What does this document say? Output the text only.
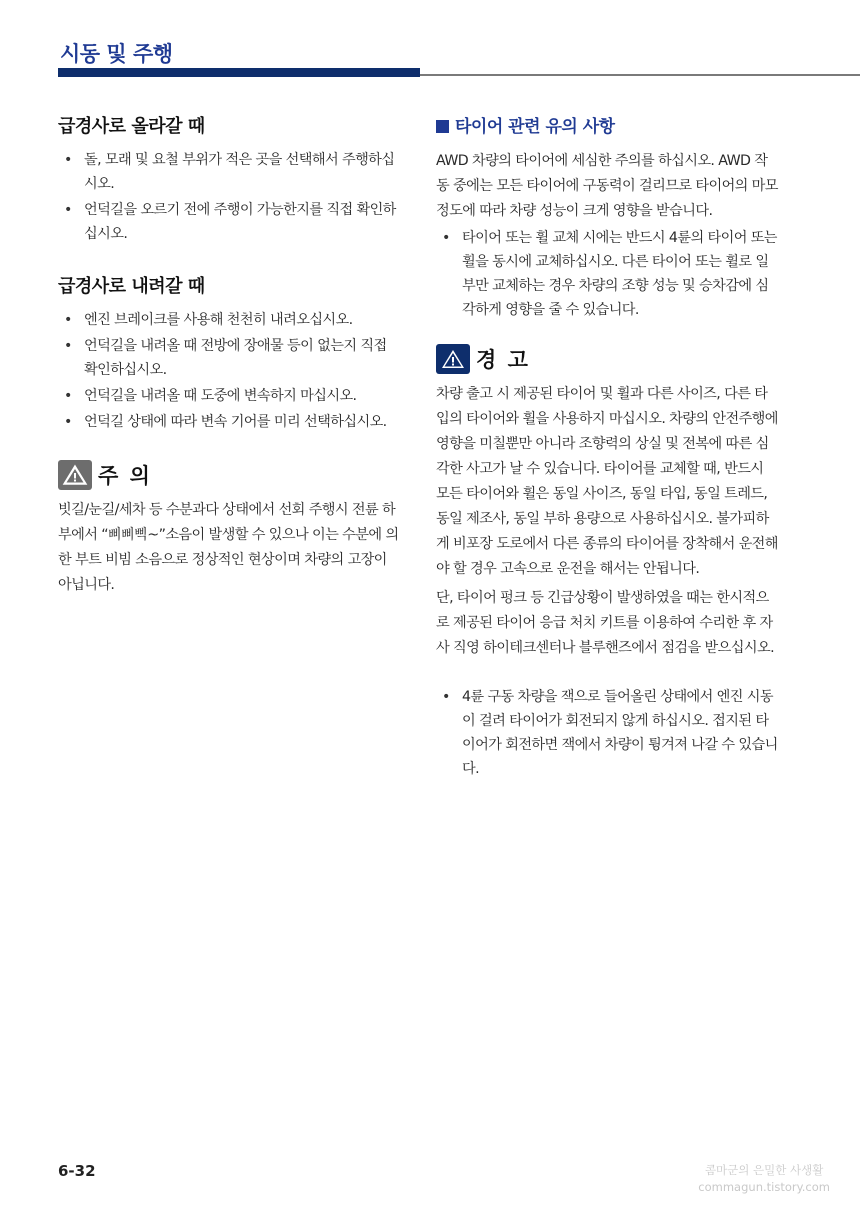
시동 및 주행
급경사로 올라갈 때
• 돌, 모래 및 요철 부위가 적은 곳을 선택해서 주행하십시오.
• 언덕길을 오르기 전에 주행이 가능한지를 직접 확인하십시오.
급경사로 내려갈 때
• 엔진 브레이크를 사용해 천천히 내려오십시오.
• 언덕길을 내려올 때 전방에 장애물 등이 없는지 직접 확인하십시오.
• 언덕길을 내려올 때 도중에 변속하지 마십시오.
• 언덕길 상태에 따라 변속 기어를 미리 선택하십시오.
주 의

빗길/눈길/세차 등 수분과다 상태에서 선회 주행시 전륜 하부에서 “삐삐삑~”소음이 발생할 수 있으나 이는 수분에 의한 부트 비빔 소음으로 정상적인 현상이며 차량의 고장이 아닙니다.

타이어 관련 유의 사항

AWD 차량의 타이어에 세심한 주의를 하십시오. AWD 작동 중에는 모든 타이어에 구동력이 걸리므로 타이어의 마모 정도에 따라 차량 성능이 크게 영향을 받습니다.

• 타이어 또는 휠 교체 시에는 반드시 4륜의 타이어 또는 휠을 동시에 교체하십시오. 다른 타이어 또는 휠로 일부만 교체하는 경우 차량의 조향 성능 및 승차감에 심각하게 영향을 줄 수 있습니다.
경 고

차량 출고 시 제공된 타이어 및 휠과 다른 사이즈, 다른 타입의 타이어와 휠을 사용하지 마십시오. 차량의 안전주행에 영향을 미칠뿐만 아니라 조향력의 상실 및 전복에 따른 심각한 사고가 날 수 있습니다. 타이어를 교체할 때, 반드시 모든 타이어와 휠은 동일 사이즈, 동일 타입, 동일 트레드, 동일 제조사, 동일 부하 용량으로 사용하십시오. 불가피하게 비포장 도로에서 다른 종류의 타이어를 장착해서 운전해야 할 경우 고속으로 운전을 해서는 안됩니다.

단, 타이어 펑크 등 긴급상황이 발생하였을 때는 한시적으로 제공된 타이어 응급 처치 키트를 이용하여 수리한 후 자사 직영 하이테크센터나 블루핸즈에서 점검을 받으십시오.

• 4륜 구동 차량을 잭으로 들어올린 상태에서 엔진 시동이 걸려 타이어가 회전되지 않게 하십시오. 접지된 타이어가 회전하면 잭에서 차량이 튕겨져 나갈 수 있습니다.
6-32	콤마군의 은밀한 사생활
commagun.tistory.com
